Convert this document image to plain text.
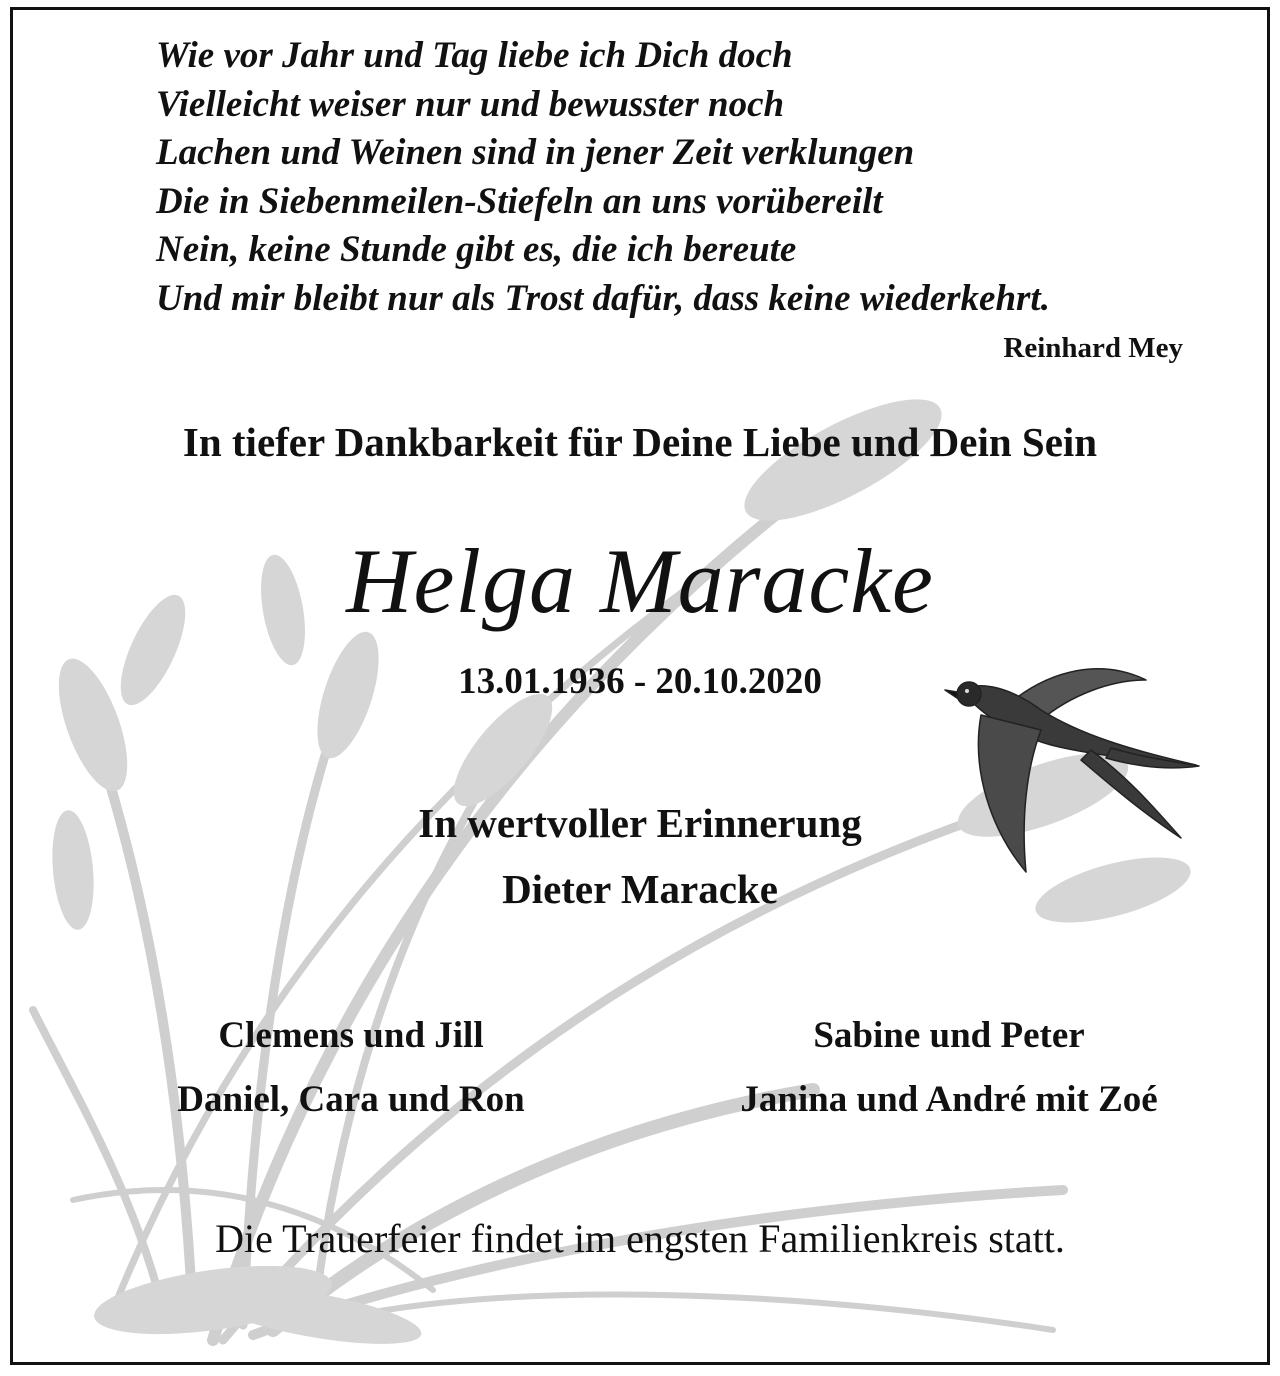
Wie vor Jahr und Tag liebe ich Dich doch
Vielleicht weiser nur und bewusster noch
Lachen und Weinen sind in jener Zeit verklungen
Die in Siebenmeilen-Stiefeln an uns vorübereilt
Nein, keine Stunde gibt es, die ich bereute
Und mir bleibt nur als Trost dafür, dass keine wiederkehrt.
Reinhard Mey
In tiefer Dankbarkeit für Deine Liebe und Dein Sein
Helga Maracke
13.01.1936 - 20.10.2020
In wertvoller Erinnerung
Dieter Maracke
Clemens und Jill
Daniel, Cara und Ron
Sabine und Peter
Janina und André mit Zoé
Die Trauerfeier findet im engsten Familienkreis statt.
